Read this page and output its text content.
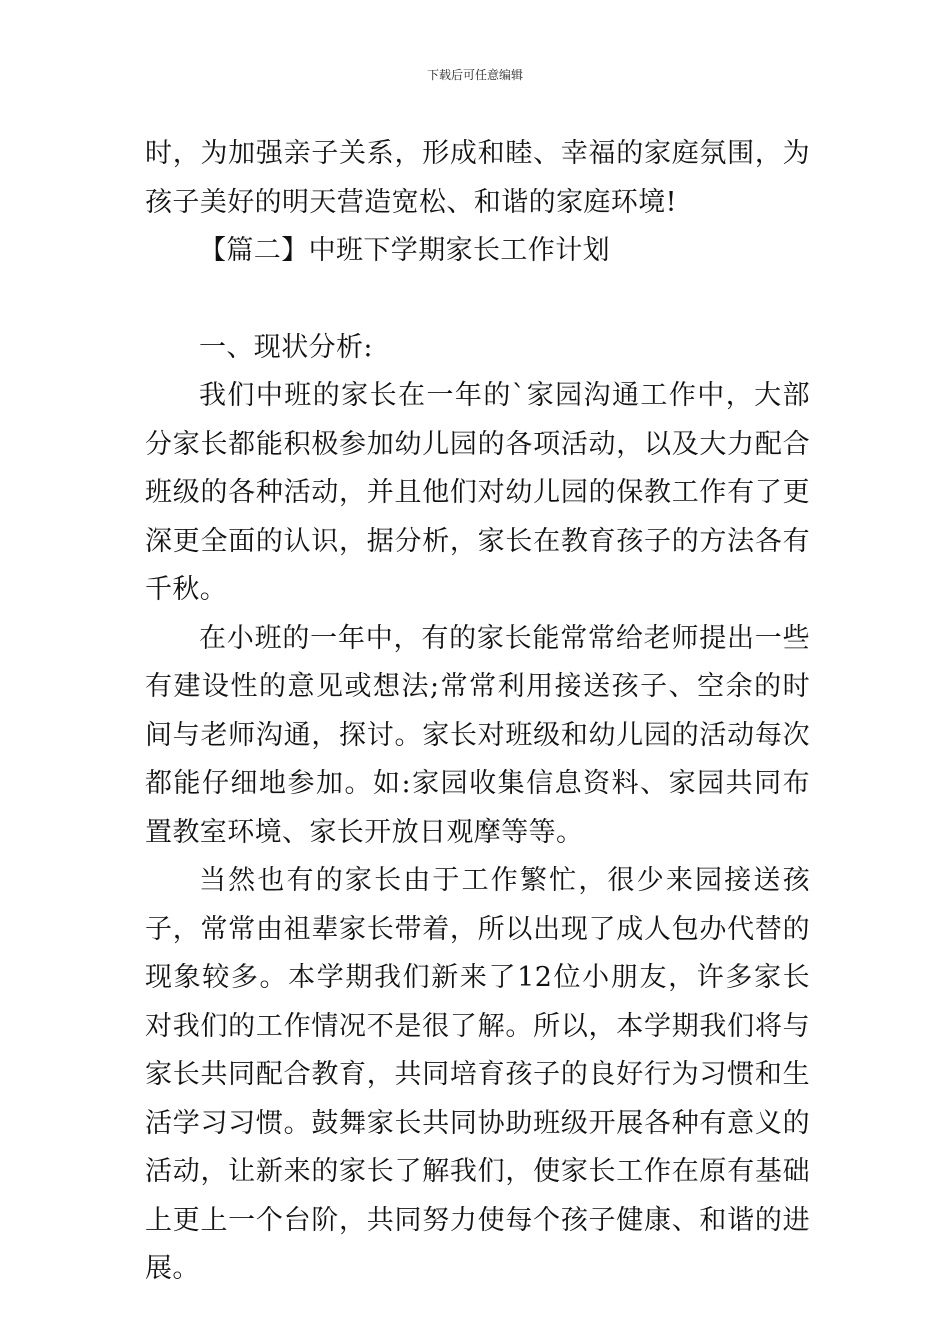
下载后可任意编辑

时，为加强亲子关系，形成和睦、幸福的家庭氛围，为孩子美好的明天营造宽松、和谐的家庭环境!

【篇二】中班下学期家长工作计划

一、现状分析:

我们中班的家长在一年的`家园沟通工作中，大部分家长都能积极参加幼儿园的各项活动，以及大力配合班级的各种活动，并且他们对幼儿园的保教工作有了更深更全面的认识，据分析，家长在教育孩子的方法各有千秋。

在小班的一年中，有的家长能常常给老师提出一些有建设性的意见或想法;常常利用接送孩子、空余的时间与老师沟通，探讨。家长对班级和幼儿园的活动每次都能仔细地参加。如:家园收集信息资料、家园共同布置教室环境、家长开放日观摩等等。

当然也有的家长由于工作繁忙，很少来园接送孩子，常常由祖辈家长带着，所以出现了成人包办代替的现象较多。本学期我们新来了12位小朋友，许多家长对我们的工作情况不是很了解。所以，本学期我们将与家长共同配合教育，共同培育孩子的良好行为习惯和生活学习习惯。鼓舞家长共同协助班级开展各种有意义的活动，让新来的家长了解我们，使家长工作在原有基础上更上一个台阶，共同努力使每个孩子健康、和谐的进展。
